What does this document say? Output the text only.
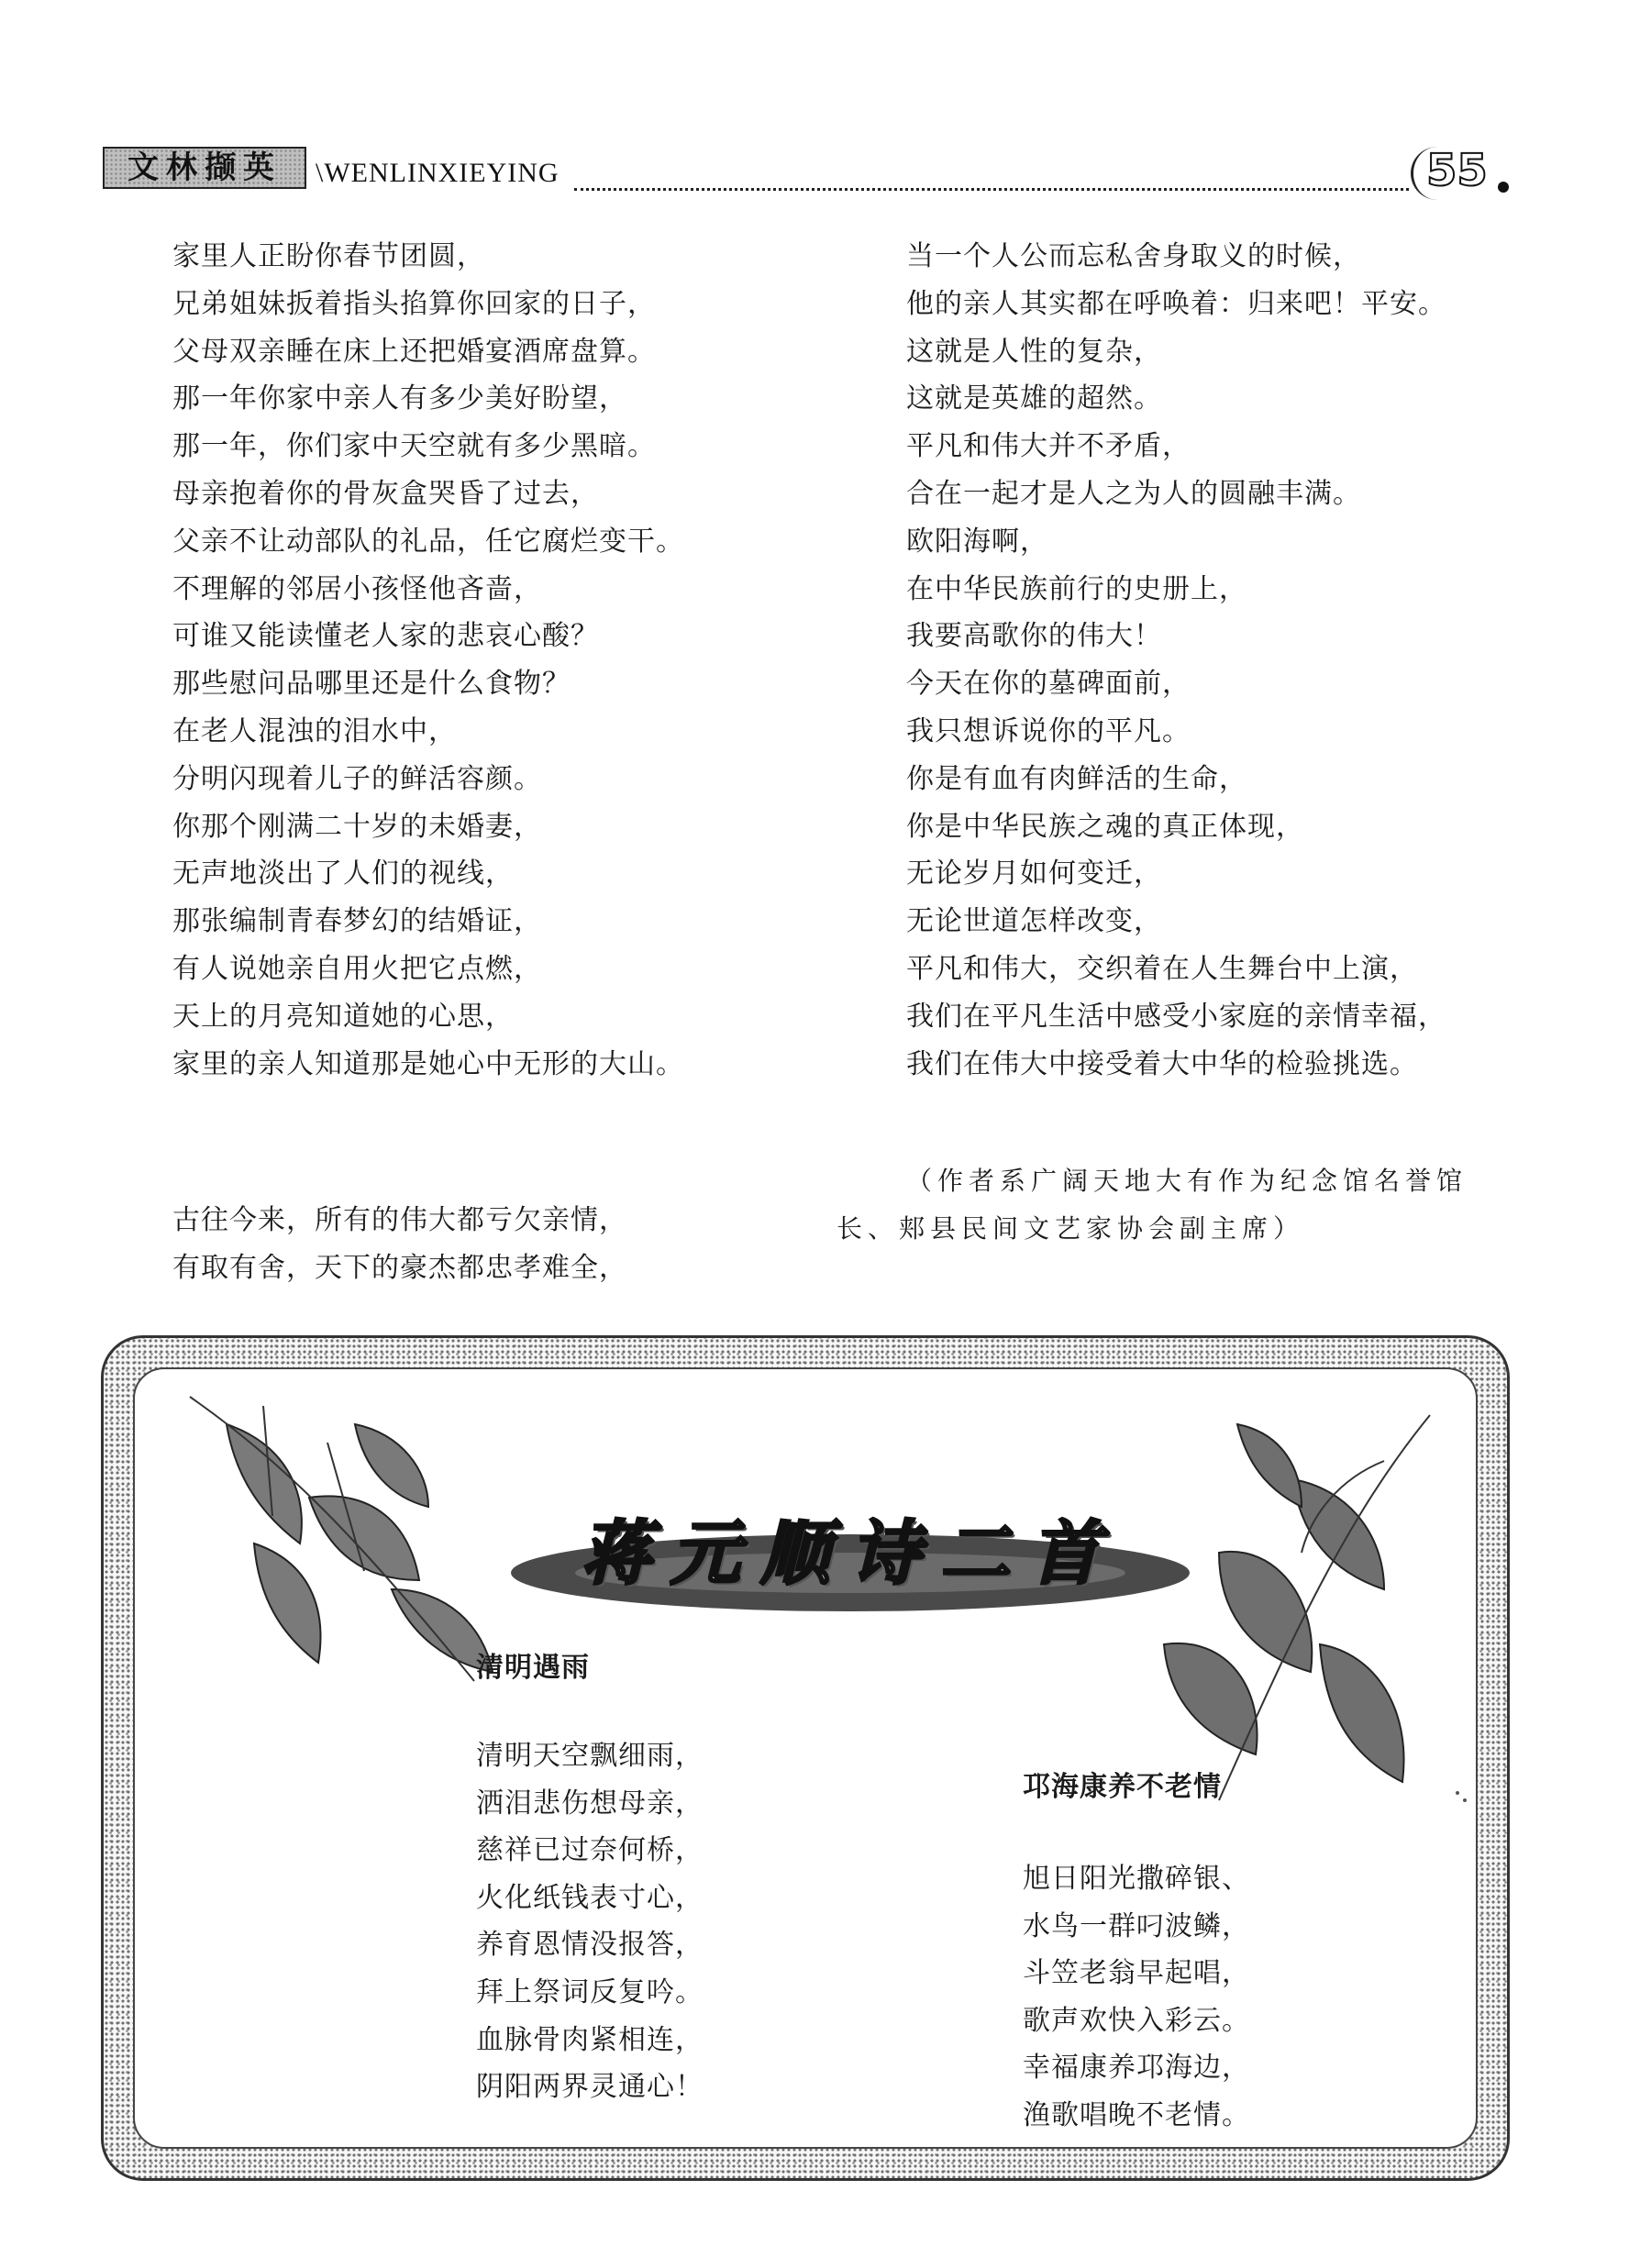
文林撷英	\WENLINXIEYING	55
家里人正盼你春节团圆，
兄弟姐妹扳着指头掐算你回家的日子，
父母双亲睡在床上还把婚宴酒席盘算。
那一年你家中亲人有多少美好盼望，
那一年，你们家中天空就有多少黑暗。
母亲抱着你的骨灰盒哭昏了过去，
父亲不让动部队的礼品，任它腐烂变干。
不理解的邻居小孩怪他吝啬，
可谁又能读懂老人家的悲哀心酸？
那些慰问品哪里还是什么食物？
在老人混浊的泪水中，
分明闪现着儿子的鲜活容颜。
你那个刚满二十岁的未婚妻，
无声地淡出了人们的视线，
那张编制青春梦幻的结婚证，
有人说她亲自用火把它点燃，
天上的月亮知道她的心思，
家里的亲人知道那是她心中无形的大山。
古往今来，所有的伟大都亏欠亲情，
有取有舍，天下的豪杰都忠孝难全，
当一个人公而忘私舍身取义的时候，
他的亲人其实都在呼唤着：归来吧！平安。
这就是人性的复杂，
这就是英雄的超然。
平凡和伟大并不矛盾，
合在一起才是人之为人的圆融丰满。
欧阳海啊，
在中华民族前行的史册上，
我要高歌你的伟大！
今天在你的墓碑面前，
我只想诉说你的平凡。
你是有血有肉鲜活的生命，
你是中华民族之魂的真正体现，
无论岁月如何变迁，
无论世道怎样改变，
平凡和伟大，交织着在人生舞台中上演，
我们在平凡生活中感受小家庭的亲情幸福，
我们在伟大中接受着大中华的检验挑选。
（作者系广阔天地大有作为纪念馆名誉馆
长、郏县民间文艺家协会副主席）
蒋元顺诗二首
清明遇雨
清明天空飘细雨，
洒泪悲伤想母亲，
慈祥已过奈何桥，
火化纸钱表寸心，
养育恩情没报答，
拜上祭词反复吟。
血脉骨肉紧相连，
阴阳两界灵通心！
邛海康养不老情
旭日阳光撒碎银、
水鸟一群叼波鳞，
斗笠老翁早起唱，
歌声欢快入彩云。
幸福康养邛海边，
渔歌唱晚不老情。
